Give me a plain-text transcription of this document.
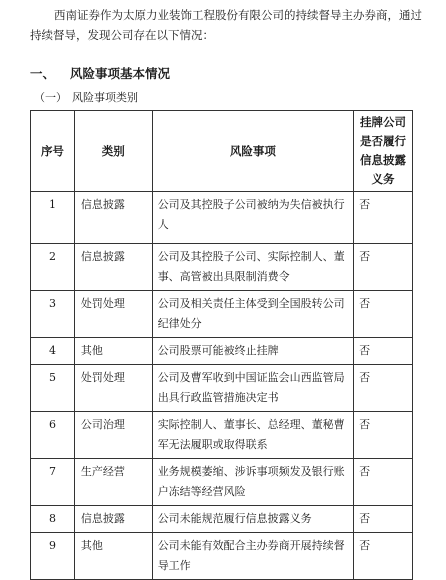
西南证券作为太原力业装饰工程股份有限公司的持续督导主办券商，通过持续督导，发现公司存在以下情况：

一、 风险事项基本情况
（一） 风险事项类别
序号	类别	风险事项	挂牌公司是否履行信息披露义务
1	信息披露	公司及其控股子公司被纳为失信被执行人	否
2	信息披露	公司及其控股子公司、实际控制人、董事、高管被出具限制消费令	否
3	处罚处理	公司及相关责任主体受到全国股转公司纪律处分	否
4	其他	公司股票可能被终止挂牌	否
5	处罚处理	公司及曹军收到中国证监会山西监管局出具行政监管措施决定书	否
6	公司治理	实际控制人、董事长、总经理、董秘曹军无法履职或取得联系	否
7	生产经营	业务规模萎缩、涉诉事项频发及银行账户冻结等经营风险	否
8	信息披露	公司未能规范履行信息披露义务	否
9	其他	公司未能有效配合主办券商开展持续督导工作	否
